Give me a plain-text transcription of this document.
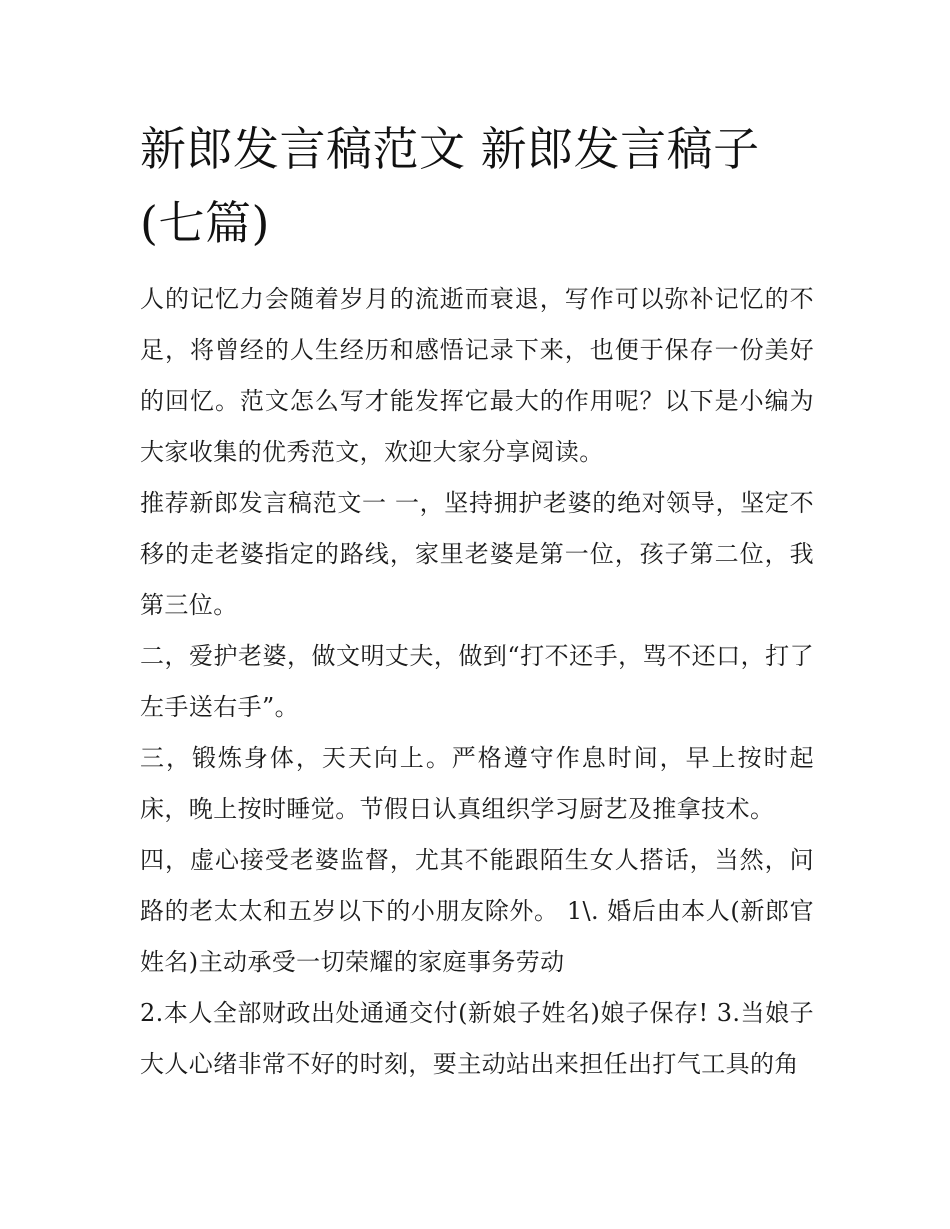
新郎发言稿范文 新郎发言稿子(七篇)

人的记忆力会随着岁月的流逝而衰退，写作可以弥补记忆的不足，将曾经的人生经历和感悟记录下来，也便于保存一份美好的回忆。范文怎么写才能发挥它最大的作用呢？以下是小编为大家收集的优秀范文，欢迎大家分享阅读。

推荐新郎发言稿范文一 一，坚持拥护老婆的绝对领导，坚定不移的走老婆指定的路线，家里老婆是第一位，孩子第二位，我第三位。

二，爱护老婆，做文明丈夫，做到“打不还手，骂不还口，打了左手送右手”。

三，锻炼身体，天天向上。严格遵守作息时间，早上按时起床，晚上按时睡觉。节假日认真组织学习厨艺及推拿技术。

四，虚心接受老婆监督，尤其不能跟陌生女人搭话，当然，问路的老太太和五岁以下的小朋友除外。 1\. 婚后由本人(新郎官姓名)主动承受一切荣耀的家庭事务劳动

2.本人全部财政出处通通交付(新娘子姓名)娘子保存! 3.当娘子大人心绪非常不好的时刻，要主动站出来担任出打气工具的角
